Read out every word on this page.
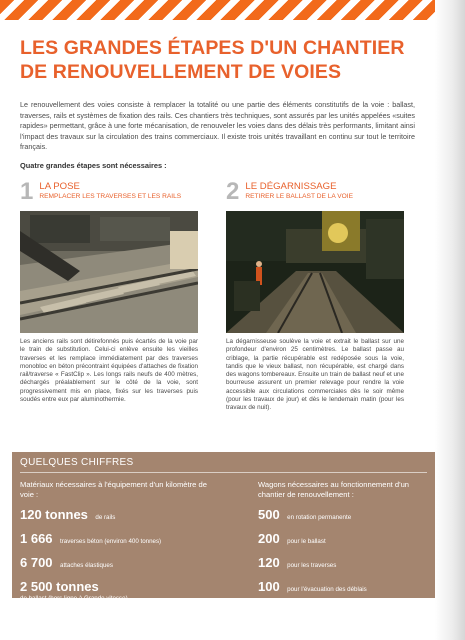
LES GRANDES ÉTAPES D'UN CHANTIER
DE RENOUVELLEMENT DE VOIES

Le renouvellement des voies consiste à remplacer la totalité ou une partie des éléments constitutifs de la voie : ballast, traverses, rails et systèmes de fixation des rails. Ces chantiers très techniques, sont assurés par les unités appelées «suites rapides» permettant, grâce à une forte mécanisation, de renouveler les voies dans des délais très performants, limitant ainsi l'impact des travaux sur la circulation des trains commerciaux. Il existe trois unités travaillant en continu sur tout le territoire français.

Quatre grandes étapes sont nécessaires :

1 LA POSE
REMPLACER LES TRAVERSES ET LES RAILS

Les anciens rails sont détirefonnés puis écartés de la voie par le train de substitution. Celui-ci enlève ensuite les vieilles traverses et les remplace immédiatement par des traverses monobloc en béton précontraint équipées d'attaches de fixation rail/traverse « FastClip ». Les longs rails neufs de 400 mètres, déchargés préalablement sur le côté de la voie, sont progressivement mis en place, fixés sur les traverses puis soudés entre eux par aluminothermie.

2 LE DÉGARNISSAGE
RETIRER LE BALLAST DE LA VOIE

La dégarnisseuse soulève la voie et extrait le ballast sur une profondeur d'environ 25 centimètres. Le ballast passe au criblage, la partie récupérable est redéposée sous la voie, tandis que le vieux ballast, non récupérable, est chargé dans des wagons tombereaux. Ensuite un train de ballast neuf et une bourreuse assurent un premier relevage pour rendre la voie accessible aux circulations commerciales dès le soir même (pour les travaux de jour) et dès le lendemain matin (pour les travaux de nuit).

QUELQUES CHIFFRES
Matériaux nécessaires à l'équipement d'un kilomètre de voie :
120 tonnes de rails
1 666 traverses béton (environ 400 tonnes)
6 700 attaches élastiques
2 500 tonnes
de ballast (hors ligne à Grande vitesse)
Wagons nécessaires au fonctionnement d'un chantier de renouvellement :
500 en rotation permanente
200 pour le ballast
120 pour les traverses
100 pour l'évacuation des déblais
50 pour l'évacuation des rails
